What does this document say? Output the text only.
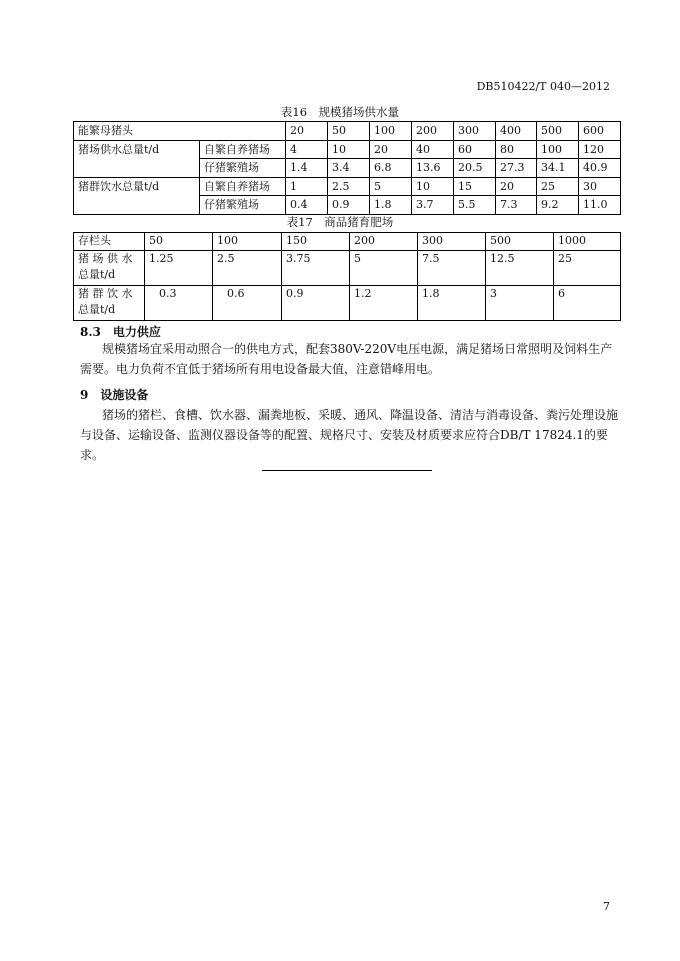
DB510422/T 040—2012
表16　规模猪场供水量
能繁母猪头		20	50	100	200	300	400	500	600
猪场供水总量t/d	自繁自养猪场	4	10	20	40	60	80	100	120
	仔猪繁殖场	1.4	3.4	6.8	13.6	20.5	27.3	34.1	40.9
猪群饮水总量t/d	自繁自养猪场	1	2.5	5	10	15	20	25	30
	仔猪繁殖场	0.4	0.9	1.8	3.7	5.5	7.3	9.2	11.0
表17　商品猪育肥场
存栏头	50	100	150	200	300	500	1000
猪 场 供 水 总量t/d	1.25	2.5	3.75	5	7.5	12.5	25
猪 群 饮 水 总量t/d	0.3	0.6	0.9	1.2	1.8	3	6
8.3　电力供应
规模猪场宜采用动照合一的供电方式，配套380V-220V电压电源，满足猪场日常照明及饲料生产 需要。电力负荷不宜低于猪场所有用电设备最大值，注意错峰用电。
9　设施设备
猪场的猪栏、食槽、饮水器、漏粪地板、采暖、通风、降温设备、清洁与消毒设备、粪污处理设施与设备、运输设备、监测仪器设备等的配置、规格尺寸、安装及材质要求应符合DB/T 17824.1的要求。
7
